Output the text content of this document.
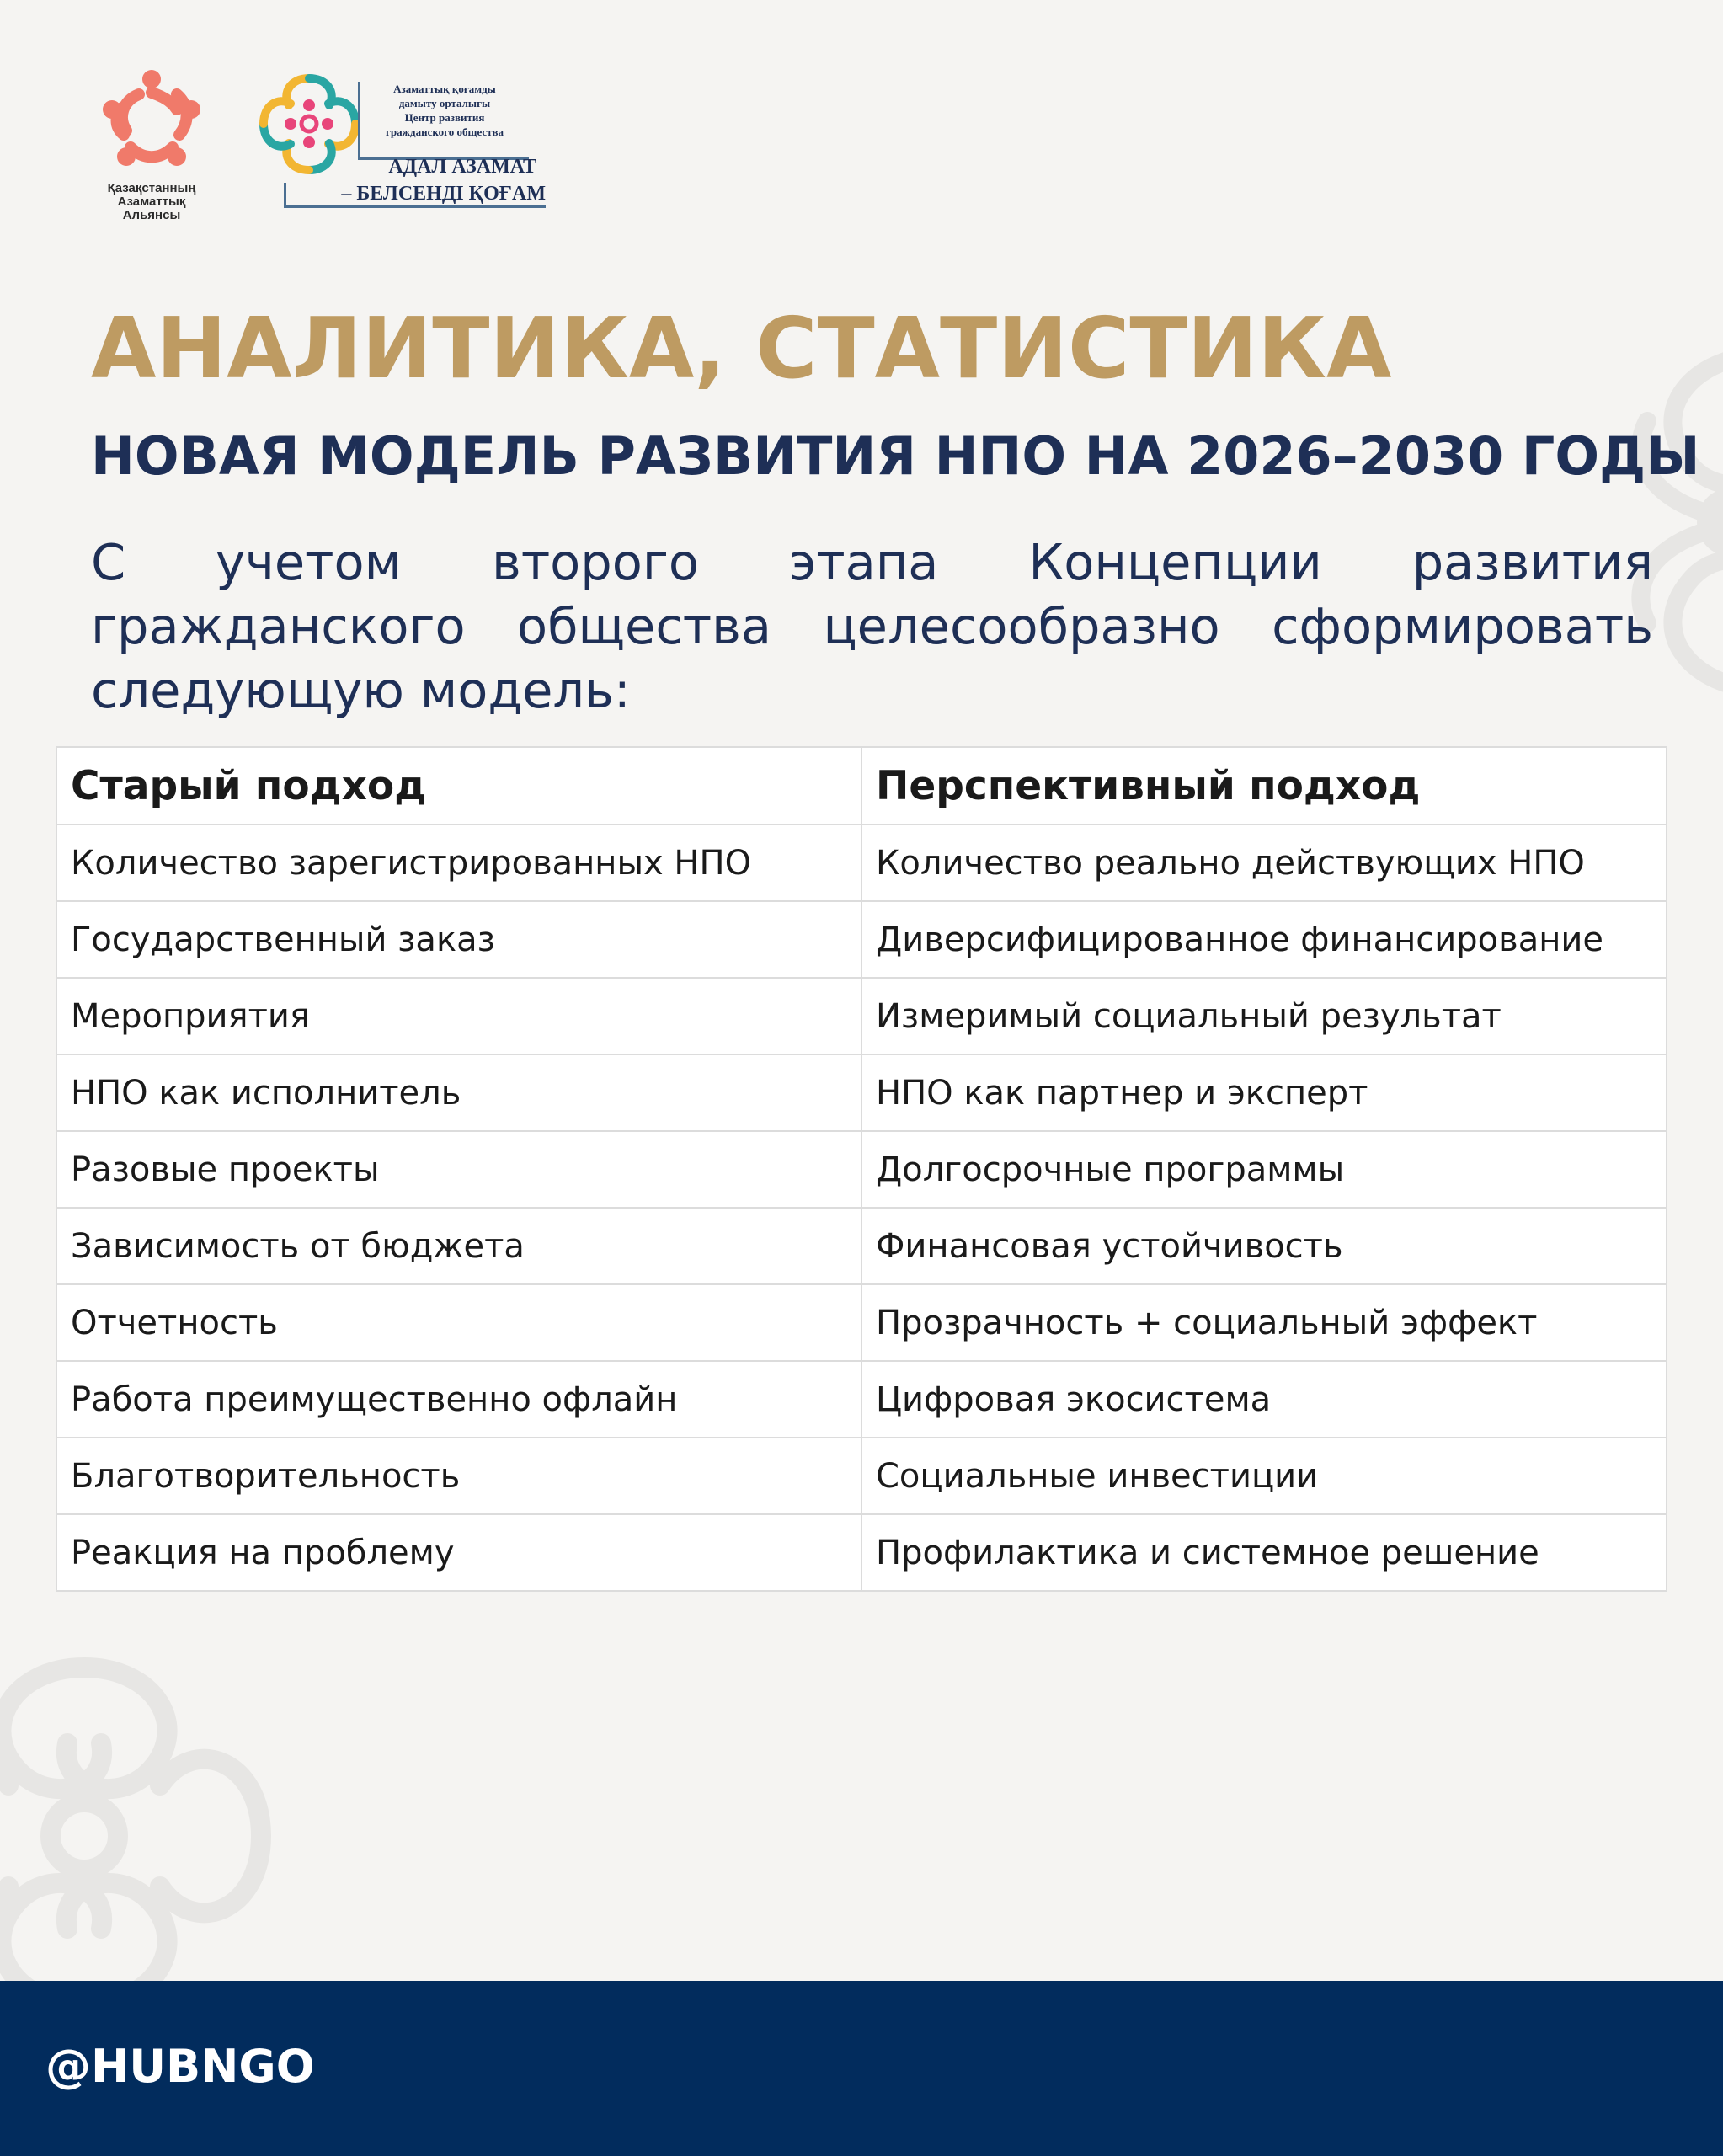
Қазақстанның
Азаматтық
Альянсы
Азаматтық қоғамды
дамыту орталығы
Центр развития
гражданского общества
АДАЛ АЗАМАТ
– БЕЛСЕНДІ ҚОҒАМ
АНАЛИТИКА, СТАТИСТИКА
НОВАЯ МОДЕЛЬ РАЗВИТИЯ НПО НА 2026–2030 ГОДЫ
С учетом второго этапа Концепции развития гражданского общества целесообразно сформировать следующую модель:
Старый подход	Перспективный подход
Количество зарегистрированных НПО	Количество реально действующих НПО
Государственный заказ	Диверсифицированное финансирование
Мероприятия	Измеримый социальный результат
НПО как исполнитель	НПО как партнер и эксперт
Разовые проекты	Долгосрочные программы
Зависимость от бюджета	Финансовая устойчивость
Отчетность	Прозрачность + социальный эффект
Работа преимущественно офлайн	Цифровая экосистема
Благотворительность	Социальные инвестиции
Реакция на проблему	Профилактика и системное решение
@HUBNGO
